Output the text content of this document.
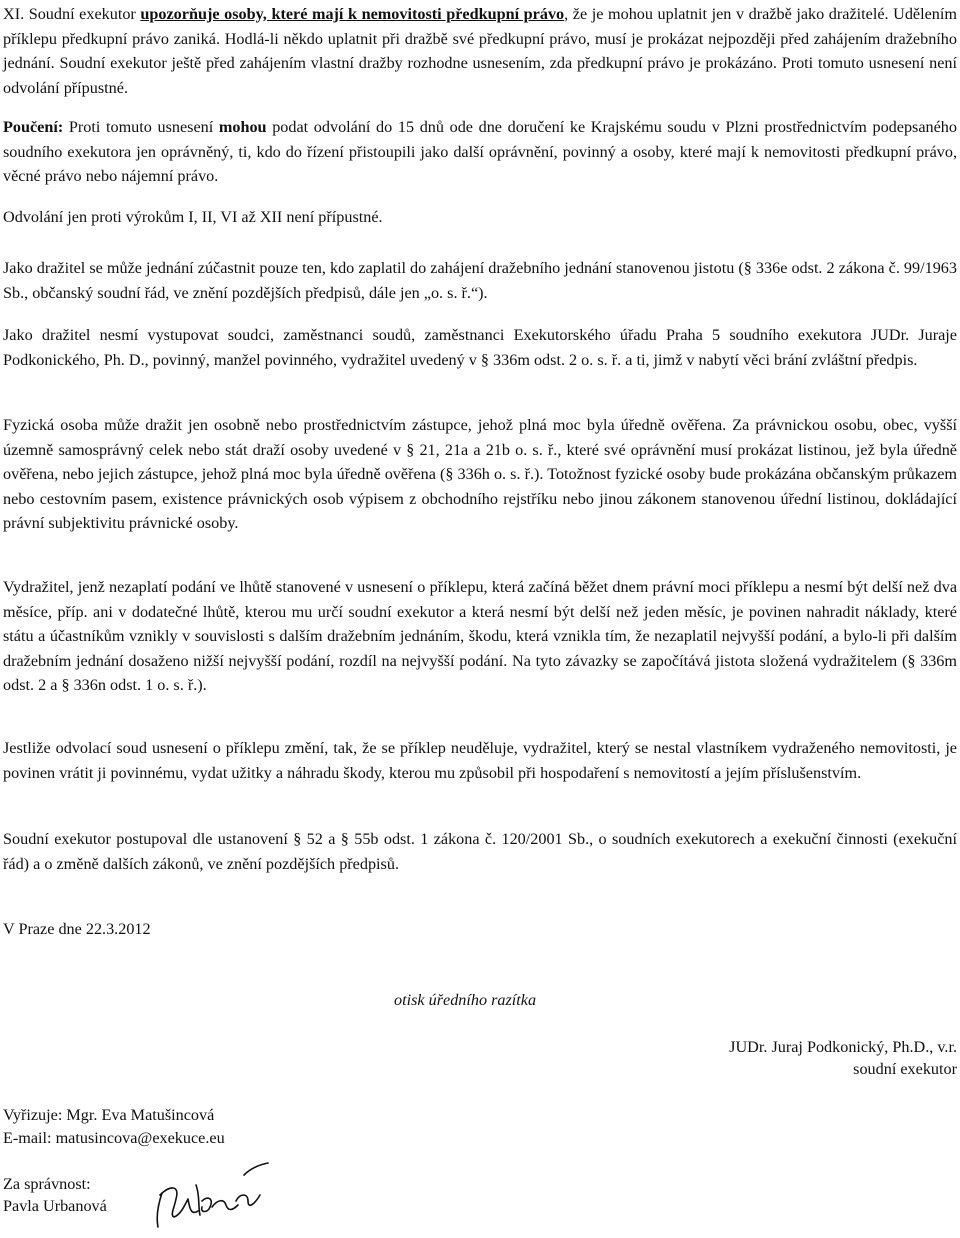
XI. Soudní exekutor upozorňuje osoby, které mají k nemovitosti předkupní právo, že je mohou uplatnit jen v dražbě jako dražitelé. Udělením příklepu předkupní právo zaniká. Hodlá-li někdo uplatnit při dražbě své předkupní právo, musí je prokázat nejpozději před zahájením dražebního jednání. Soudní exekutor ještě před zahájením vlastní dražby rozhodne usnesením, zda předkupní právo je prokázáno. Proti tomuto usnesení není odvolání přípustné.

Poučení: Proti tomuto usnesení mohou podat odvolání do 15 dnů ode dne doručení ke Krajskému soudu v Plzni prostřednictvím podepsaného soudního exekutora jen oprávněný, ti, kdo do řízení přistoupili jako další oprávnění, povinný a osoby, které mají k nemovitosti předkupní právo, věcné právo nebo nájemní právo.

Odvolání jen proti výrokům I, II, VI až XII není přípustné.

Jako dražitel se může jednání zúčastnit pouze ten, kdo zaplatil do zahájení dražebního jednání stanovenou jistotu (§ 336e odst. 2 zákona č. 99/1963 Sb., občanský soudní řád, ve znění pozdějších předpisů, dále jen „o. s. ř.“).

Jako dražitel nesmí vystupovat soudci, zaměstnanci soudů, zaměstnanci Exekutorského úřadu Praha 5 soudního exekutora JUDr. Juraje Podkonického, Ph. D., povinný, manžel povinného, vydražitel uvedený v § 336m odst. 2 o. s. ř. a ti, jimž v nabytí věci brání zvláštní předpis.

Fyzická osoba může dražit jen osobně nebo prostřednictvím zástupce, jehož plná moc byla úředně ověřena. Za právnickou osobu, obec, vyšší územně samosprávný celek nebo stát draží osoby uvedené v § 21, 21a a 21b o. s. ř., které své oprávnění musí prokázat listinou, jež byla úředně ověřena, nebo jejich zástupce, jehož plná moc byla úředně ověřena (§ 336h o. s. ř.). Totožnost fyzické osoby bude prokázána občanským průkazem nebo cestovním pasem, existence právnických osob výpisem z obchodního rejstříku nebo jinou zákonem stanovenou úřední listinou, dokládající právní subjektivitu právnické osoby.

Vydražitel, jenž nezaplatí podání ve lhůtě stanovené v usnesení o příklepu, která začíná běžet dnem právní moci příklepu a nesmí být delší než dva měsíce, příp. ani v dodatečné lhůtě, kterou mu určí soudní exekutor a která nesmí být delší než jeden měsíc, je povinen nahradit náklady, které státu a účastníkům vznikly v souvislosti s dalším dražebním jednáním, škodu, která vznikla tím, že nezaplatil nejvyšší podání, a bylo-li při dalším dražebním jednání dosaženo nižší nejvyšší podání, rozdíl na nejvyšší podání. Na tyto závazky se započítává jistota složená vydražitelem (§ 336m odst. 2 a § 336n odst. 1 o. s. ř.).

Jestliže odvolací soud usnesení o příklepu změní, tak, že se příklep neuděluje, vydražitel, který se nestal vlastníkem vydraženého nemovitosti, je povinen vrátit ji povinnému, vydat užitky a náhradu škody, kterou mu způsobil při hospodaření s nemovitostí a jejím příslušenstvím.

Soudní exekutor postupoval dle ustanovení § 52 a § 55b odst. 1 zákona č. 120/2001 Sb., o soudních exekutorech a exekuční činnosti (exekuční řád) a o změně dalších zákonů, ve znění pozdějších předpisů.

V Praze dne 22.3.2012
otisk úředního razítka
JUDr. Juraj Podkonický, Ph.D., v.r.
soudní exekutor
Vyřizuje: Mgr. Eva Matušincová
E-mail: matusincova@exekuce.eu
Za správnost:
Pavla Urbanová
